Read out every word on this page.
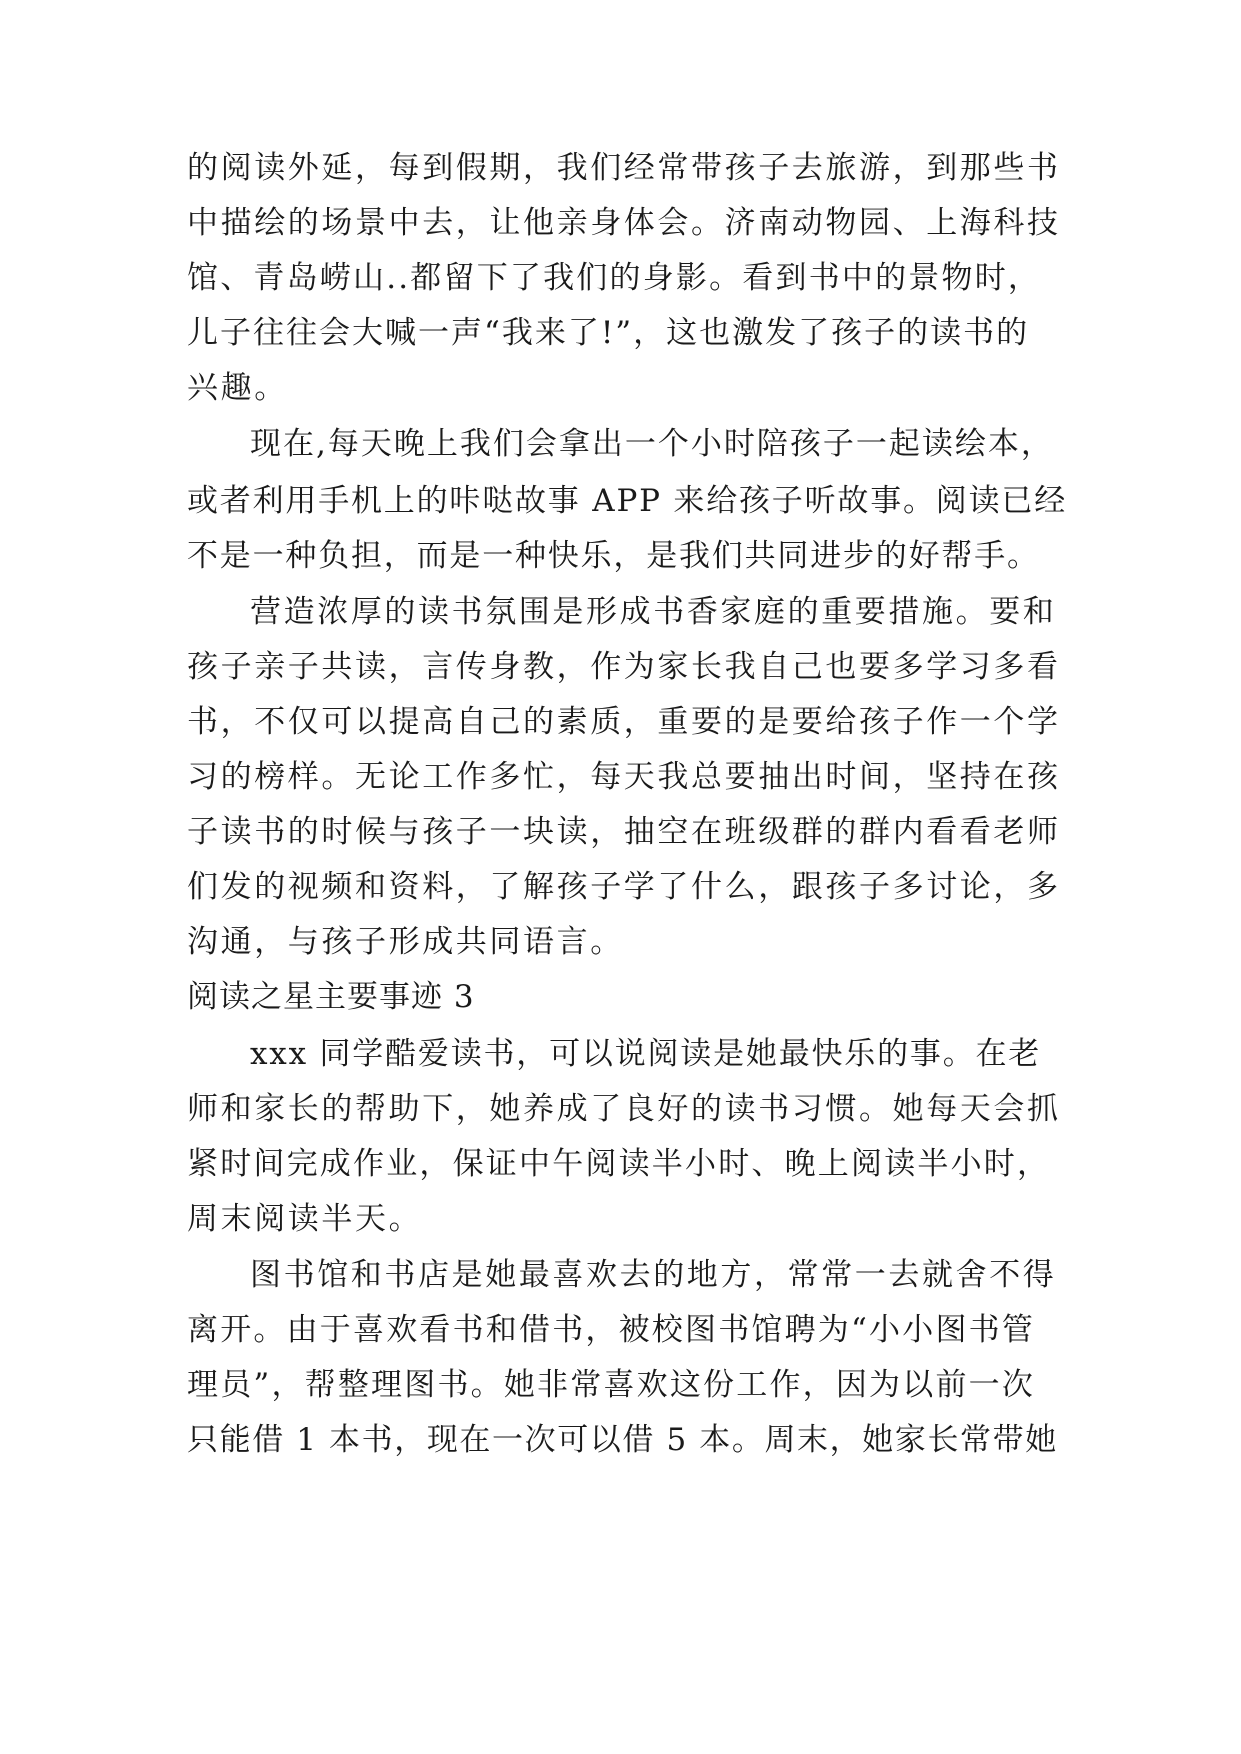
的阅读外延，每到假期，我们经常带孩子去旅游，到那些书
中描绘的场景中去，让他亲身体会。济南动物园、上海科技
馆、青岛崂山..都留下了我们的身影。看到书中的景物时，
儿子往往会大喊一声“我来了!”，这也激发了孩子的读书的
兴趣。
现在,每天晚上我们会拿出一个小时陪孩子一起读绘本，
或者利用手机上的咔哒故事 APP 来给孩子听故事。阅读已经
不是一种负担，而是一种快乐，是我们共同进步的好帮手。
营造浓厚的读书氛围是形成书香家庭的重要措施。要和
孩子亲子共读，言传身教，作为家长我自己也要多学习多看
书，不仅可以提高自己的素质，重要的是要给孩子作一个学
习的榜样。无论工作多忙，每天我总要抽出时间，坚持在孩
子读书的时候与孩子一块读，抽空在班级群的群内看看老师
们发的视频和资料，了解孩子学了什么，跟孩子多讨论，多
沟通，与孩子形成共同语言。
阅读之星主要事迹 3
xxx 同学酷爱读书，可以说阅读是她最快乐的事。在老
师和家长的帮助下，她养成了良好的读书习惯。她每天会抓
紧时间完成作业，保证中午阅读半小时、晚上阅读半小时，
周末阅读半天。
图书馆和书店是她最喜欢去的地方，常常一去就舍不得
离开。由于喜欢看书和借书，被校图书馆聘为“小小图书管
理员”，帮整理图书。她非常喜欢这份工作，因为以前一次
只能借 1 本书，现在一次可以借 5 本。周末，她家长常带她
